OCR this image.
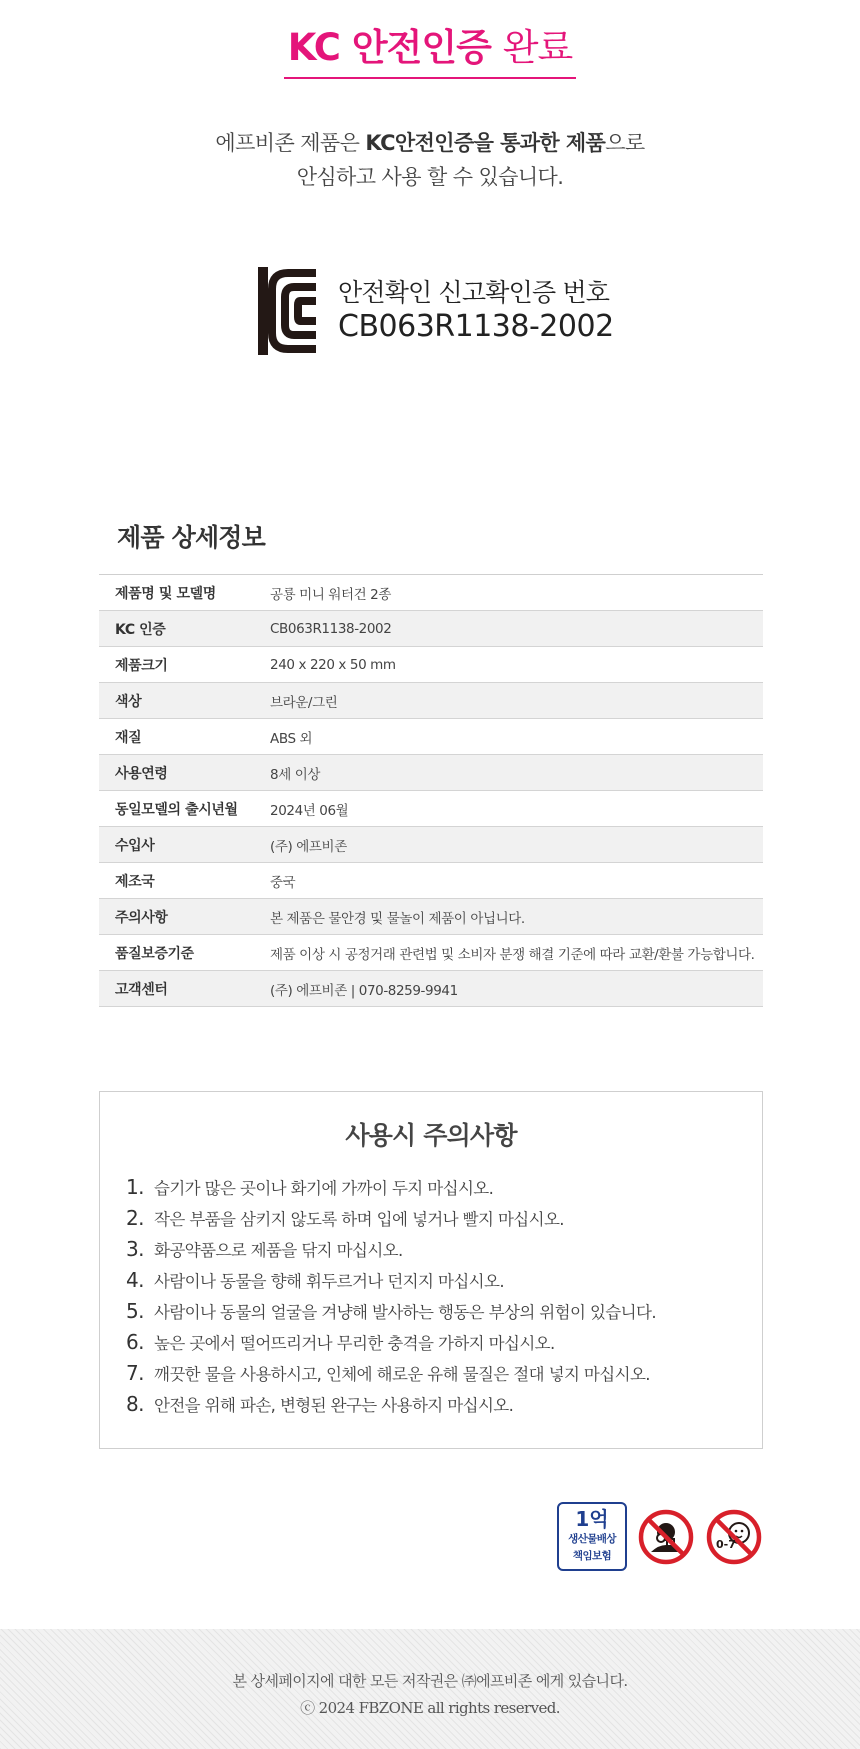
KC 안전인증 완료
에프비존 제품은 KC안전인증을 통과한 제품으로
안심하고 사용 할 수 있습니다.
안전확인 신고확인증 번호
CB063R1138-2002
제품 상세정보
제품명 및 모델명	공룡 미니 워터건 2종
KC 인증	CB063R1138-2002
제품크기	240 x 220 x 50 mm
색상	브라운/그린
재질	ABS 외
사용연령	8세 이상
동일모델의 출시년월	2024년 06월
수입사	(주) 에프비존
제조국	중국
주의사항	본 제품은 물안경 및 물놀이 제품이 아닙니다.
품질보증기준	제품 이상 시 공정거래 관련법 및 소비자 분쟁 해결 기준에 따라 교환/환불 가능합니다.
고객센터	(주) 에프비존 | 070-8259-9941
사용시 주의사항
1. 습기가 많은 곳이나 화기에 가까이 두지 마십시오.
2. 작은 부품을 삼키지 않도록 하며 입에 넣거나 빨지 마십시오.
3. 화공약품으로 제품을 닦지 마십시오.
4. 사람이나 동물을 향해 휘두르거나 던지지 마십시오.
5. 사람이나 동물의 얼굴을 겨냥해 발사하는 행동은 부상의 위험이 있습니다.
6. 높은 곳에서 떨어뜨리거나 무리한 충격을 가하지 마십시오.
7. 깨끗한 물을 사용하시고, 인체에 해로운 유해 물질은 절대 넣지 마십시오.
8. 안전을 위해 파손, 변형된 완구는 사용하지 마십시오.
1억
생산물배상
책임보험
0-7
본 상세페이지에 대한 모든 저작권은 ㈜에프비존 에게 있습니다.
ⓒ 2024 FBZONE all rights reserved.
